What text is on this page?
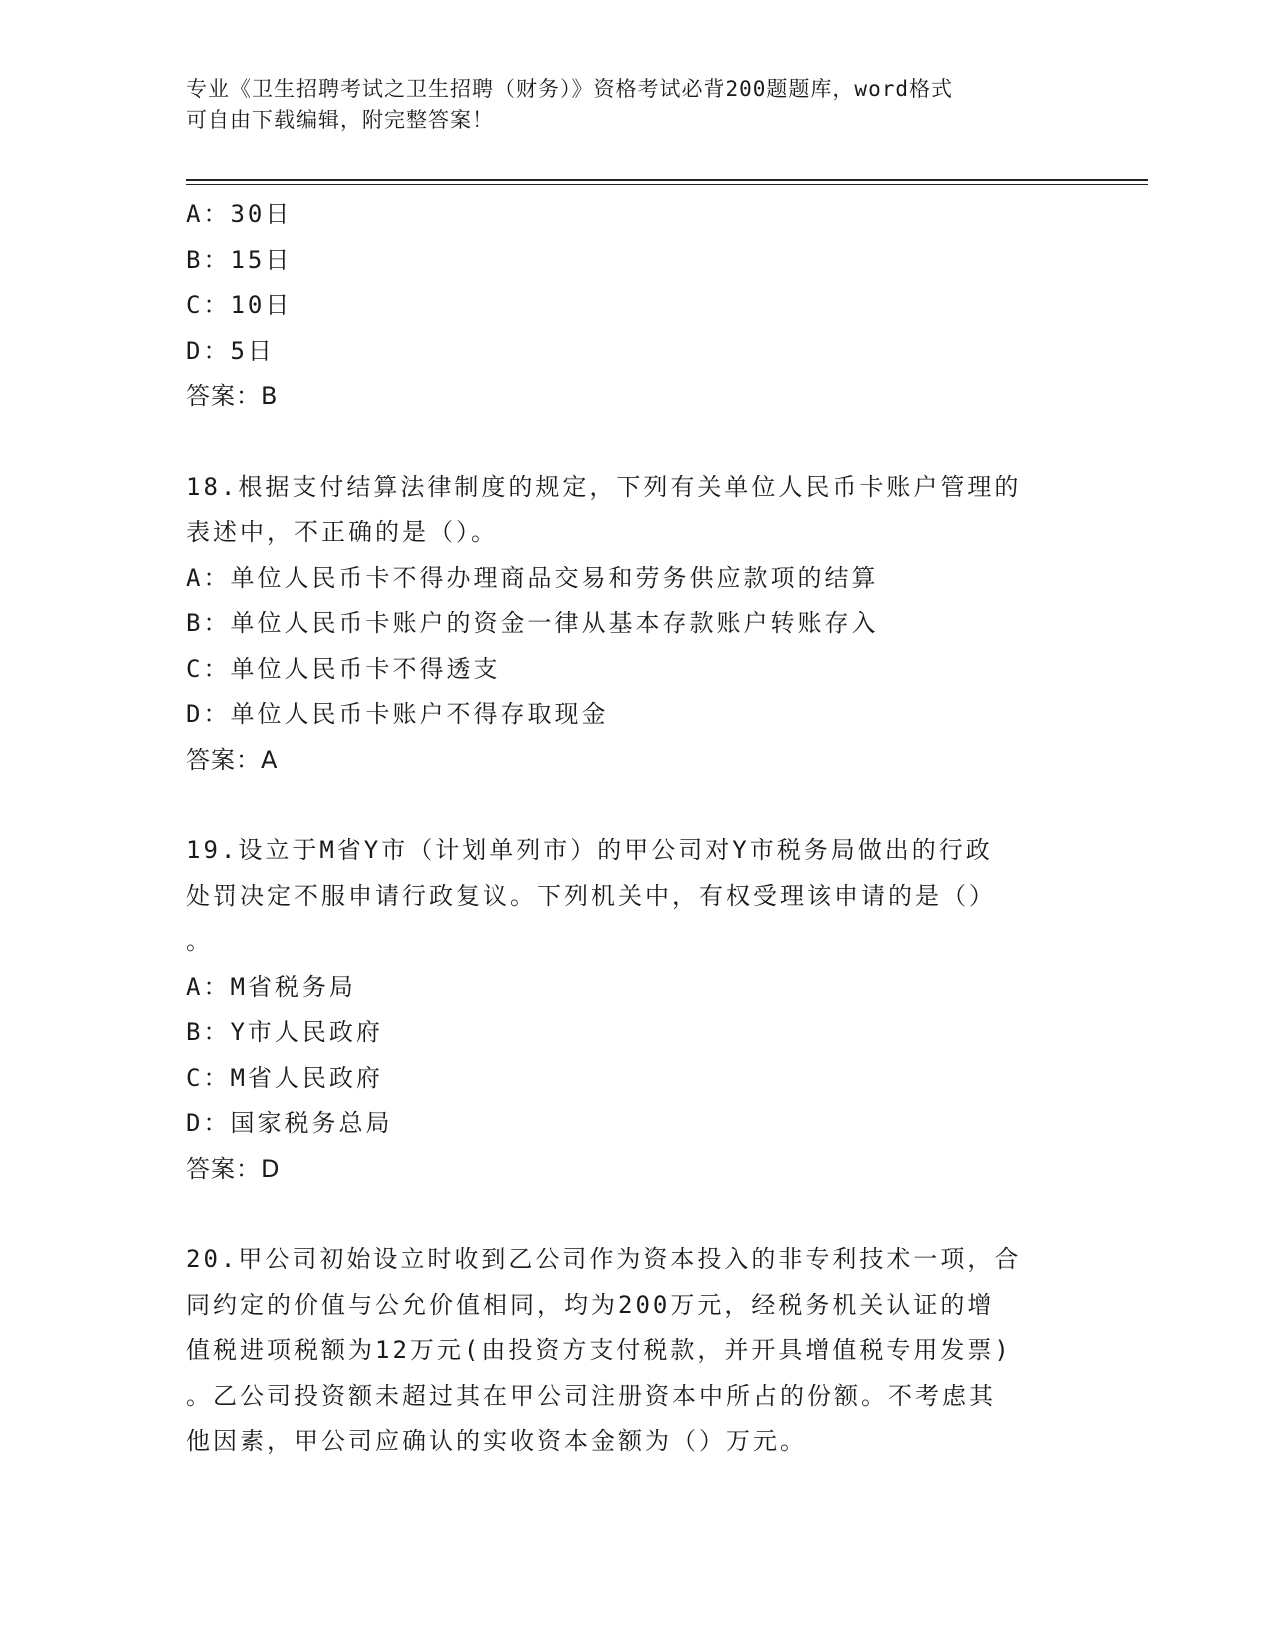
专业《卫生招聘考试之卫生招聘（财务）》资格考试必背200题题库，word格式
可自由下载编辑，附完整答案！
A：30日
B：15日
C：10日
D：5日
答案：B
18.根据支付结算法律制度的规定，下列有关单位人民币卡账户管理的
表述中，不正确的是（）。
A：单位人民币卡不得办理商品交易和劳务供应款项的结算
B：单位人民币卡账户的资金一律从基本存款账户转账存入
C：单位人民币卡不得透支
D：单位人民币卡账户不得存取现金
答案：A
19.设立于M省Y市（计划单列市）的甲公司对Y市税务局做出的行政
处罚决定不服申请行政复议。下列机关中，有权受理该申请的是（）
。
A：M省税务局
B：Y市人民政府
C：M省人民政府
D：国家税务总局
答案：D
20.甲公司初始设立时收到乙公司作为资本投入的非专利技术一项，合
同约定的价值与公允价值相同，均为200万元，经税务机关认证的增
值税进项税额为12万元(由投资方支付税款，并开具增值税专用发票)
。乙公司投资额未超过其在甲公司注册资本中所占的份额。不考虑其
他因素，甲公司应确认的实收资本金额为（）万元。
